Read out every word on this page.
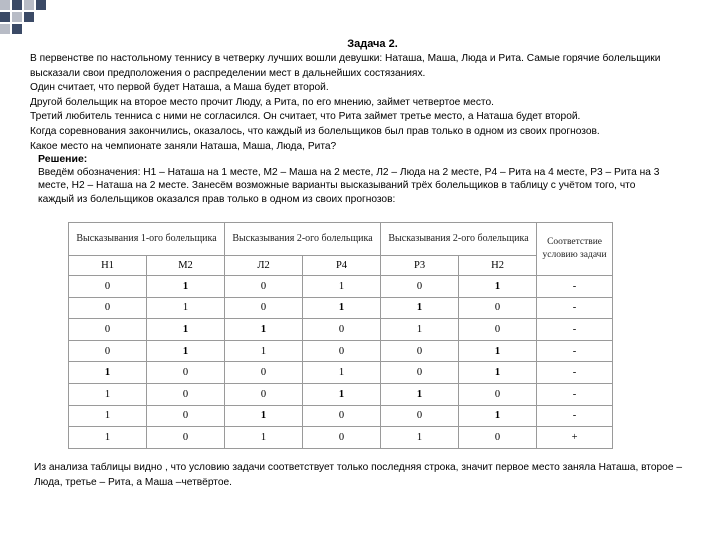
Задача 2.

В первенстве по настольному теннису в четверку лучших вошли девушки: Наташа, Маша, Люда и Рита. Самые горячие болельщики высказали свои предположения о распределении мест в дальнейших состязаниях.

Один считает, что первой будет Наташа, а Маша будет второй.

Другой болельщик на второе место прочит Люду, а Рита, по его мнению, займет четвертое место.

Третий любитель тенниса с ними не согласился. Он считает, что Рита займет третье место, а Наташа будет второй.

Когда соревнования закончились, оказалось, что каждый из болельщиков был прав только в одном из своих прогнозов.

Какое место на чемпионате заняли Наташа, Маша, Люда, Рита?

Решение:
Введём обозначения: Н1 – Наташа на 1 месте, М2 – Маша на 2 месте, Л2 – Люда на 2 месте, Р4 – Рита на 4 месте, Р3 – Рита на 3 месте, Н2 – Наташа на 2 месте. Занесём возможные варианты высказываний трёх болельщиков в таблицу с учётом того, что каждый из болельщиков оказался прав только в одном из своих прогнозов:
Высказывания 1-ого болельщика		Высказывания 2-ого болельщика		Высказывания 2-ого болельщика		Соответствие условию задачи
Н1	М2	Л2	Р4	Р3	Н2	
0	1	0	1	0	1	-
0	1	0	1	1	0	-
0	1	1	0	1	0	-
0	1	1	0	0	1	-
1	0	0	1	0	1	-
1	0	0	1	1	0	-
1	0	1	0	0	1	-
1	0	1	0	1	0	+
Из анализа таблицы видно , что условию задачи соответствует только последняя строка, значит первое место заняла Наташа, второе – Люда, третье – Рита, а Маша –четвёртое.
